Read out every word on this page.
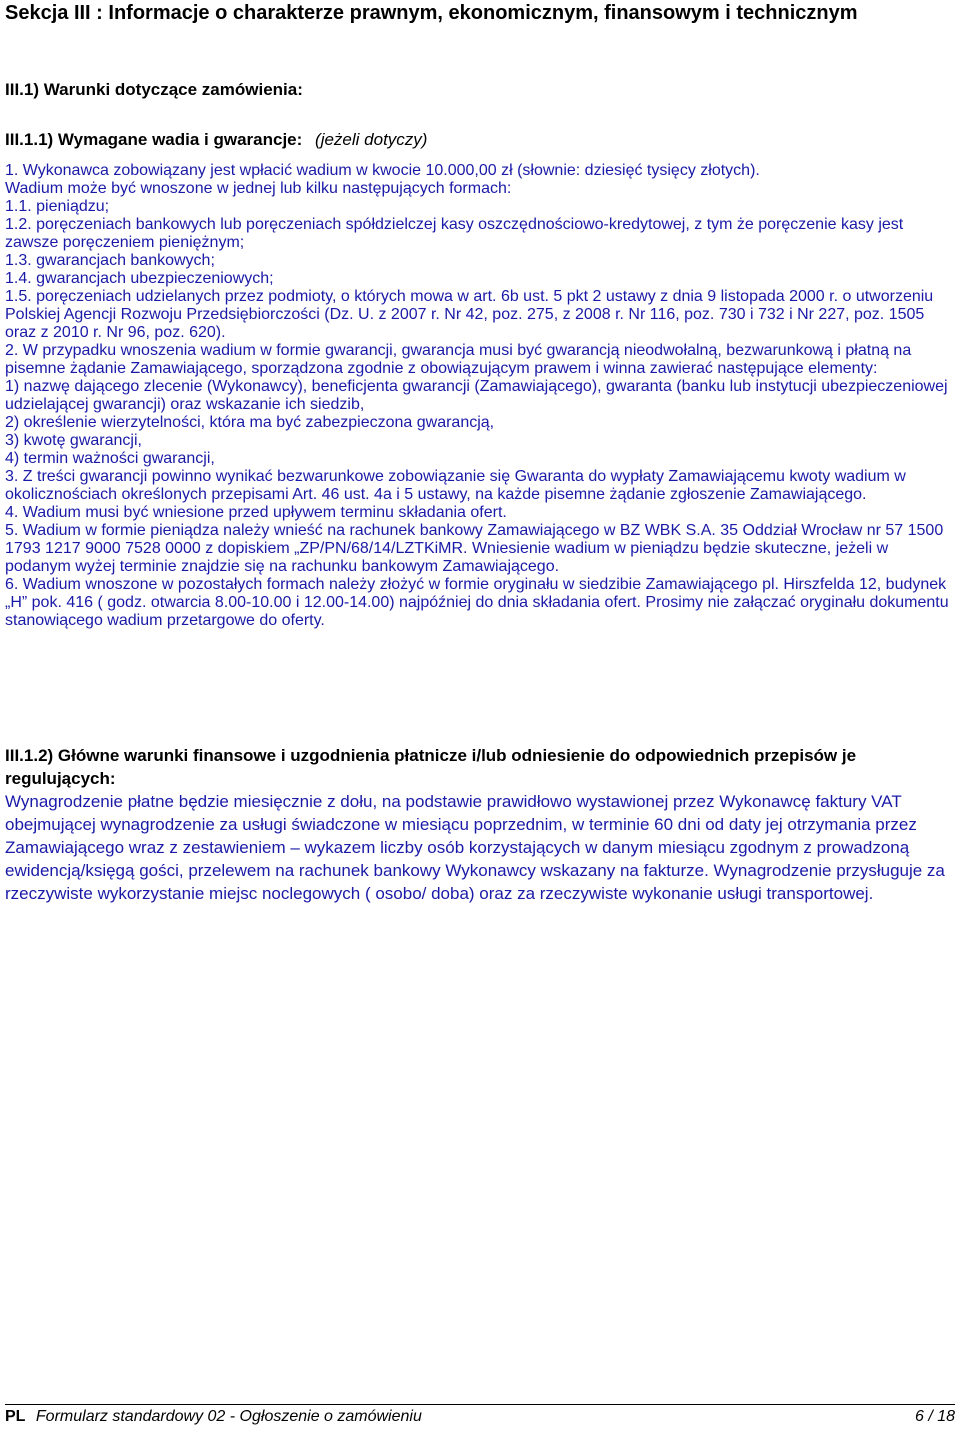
Sekcja III : Informacje o charakterze prawnym, ekonomicznym, finansowym i technicznym
III.1) Warunki dotyczące zamówienia:
III.1.1) Wymagane wadia i gwarancje: (jeżeli dotyczy)
1. Wykonawca zobowiązany jest wpłacić wadium w kwocie 10.000,00 zł (słownie: dziesięć tysięcy złotych).
Wadium może być wnoszone w jednej lub kilku następujących formach:
1.1. pieniądzu;
1.2. poręczeniach bankowych lub poręczeniach spółdzielczej kasy oszczędnościowo-kredytowej, z tym że poręczenie kasy jest zawsze poręczeniem pieniężnym;
1.3. gwarancjach bankowych;
1.4. gwarancjach ubezpieczeniowych;
1.5. poręczeniach udzielanych przez podmioty, o których mowa w art. 6b ust. 5 pkt 2 ustawy z dnia 9 listopada 2000 r. o utworzeniu Polskiej Agencji Rozwoju Przedsiębiorczości (Dz. U. z 2007 r. Nr 42, poz. 275, z 2008 r. Nr 116, poz. 730 i 732 i Nr 227, poz. 1505 oraz z 2010 r. Nr 96, poz. 620).
2. W przypadku wnoszenia wadium w formie gwarancji, gwarancja musi być gwarancją nieodwołalną, bezwarunkową i płatną na pisemne żądanie Zamawiającego, sporządzona zgodnie z obowiązującym prawem i winna zawierać następujące elementy:
1) nazwę dającego zlecenie (Wykonawcy), beneficjenta gwarancji (Zamawiającego), gwaranta (banku lub instytucji ubezpieczeniowej udzielającej gwarancji) oraz wskazanie ich siedzib,
2) określenie wierzytelności, która ma być zabezpieczona gwarancją,
3) kwotę gwarancji,
4) termin ważności gwarancji,
3. Z treści gwarancji powinno wynikać bezwarunkowe zobowiązanie się Gwaranta do wypłaty Zamawiającemu kwoty wadium w okolicznościach określonych przepisami Art. 46 ust. 4a i 5 ustawy, na każde pisemne żądanie zgłoszenie Zamawiającego.
4. Wadium musi być wniesione przed upływem terminu składania ofert.
5. Wadium w formie pieniądza należy wnieść na rachunek bankowy Zamawiającego w BZ WBK S.A. 35 Oddział Wrocław nr 57 1500 1793 1217 9000 7528 0000 z dopiskiem „ZP/PN/68/14/LZTKiMR. Wniesienie wadium w pieniądzu będzie skuteczne, jeżeli w podanym wyżej terminie znajdzie się na rachunku bankowym Zamawiającego.
6. Wadium wnoszone w pozostałych formach należy złożyć w formie oryginału w siedzibie Zamawiającego pl. Hirszfelda 12, budynek „H” pok. 416 ( godz. otwarcia 8.00-10.00 i 12.00-14.00) najpóźniej do dnia składania ofert. Prosimy nie załączać oryginału dokumentu stanowiącego wadium przetargowe do oferty.
III.1.2) Główne warunki finansowe i uzgodnienia płatnicze i/lub odniesienie do odpowiednich przepisów je regulujących:

Wynagrodzenie płatne będzie miesięcznie z dołu, na podstawie prawidłowo wystawionej przez Wykonawcę faktury VAT obejmującej wynagrodzenie za usługi świadczone w miesiącu poprzednim, w terminie 60 dni od daty jej otrzymania przez Zamawiającego wraz z zestawieniem – wykazem liczby osób korzystających w danym miesiącu zgodnym z prowadzoną ewidencją/księgą gości, przelewem na rachunek bankowy Wykonawcy wskazany na fakturze. Wynagrodzenie przysługuje za rzeczywiste wykorzystanie miejsc noclegowych ( osobo/ doba) oraz za rzeczywiste wykonanie usługi transportowej.

PL Formularz standardowy 02 - Ogłoszenie o zamówieniu	6 / 18
